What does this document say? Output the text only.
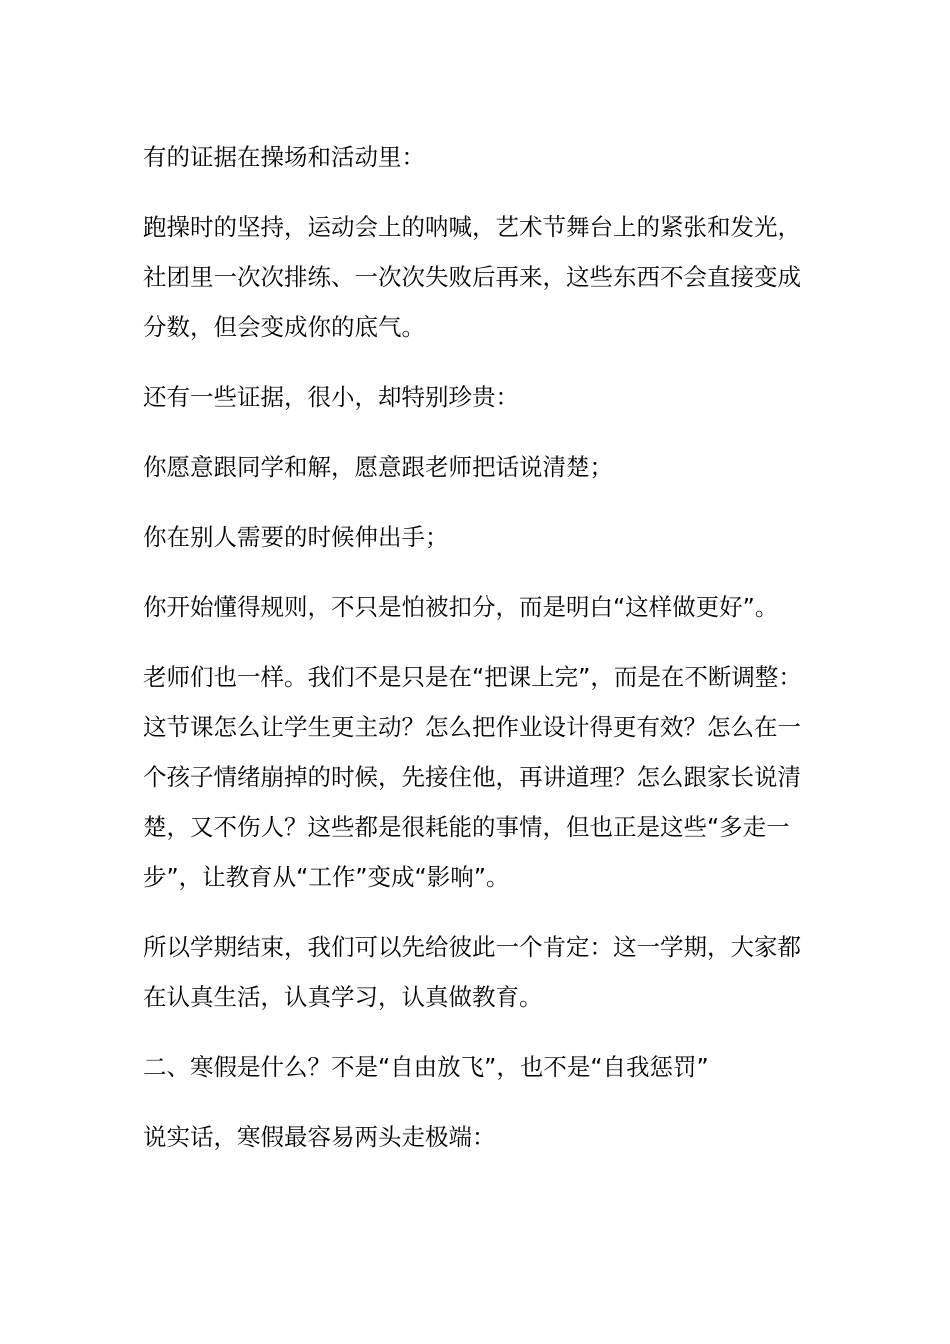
有的证据在操场和活动里：

跑操时的坚持，运动会上的呐喊，艺术节舞台上的紧张和发光，社团里一次次排练、一次次失败后再来，这些东西不会直接变成分数，但会变成你的底气。

还有一些证据，很小，却特别珍贵：

你愿意跟同学和解，愿意跟老师把话说清楚；

你在别人需要的时候伸出手；

你开始懂得规则，不只是怕被扣分，而是明白“这样做更好”。

老师们也一样。我们不是只是在“把课上完”，而是在不断调整：这节课怎么让学生更主动？怎么把作业设计得更有效？怎么在一个孩子情绪崩掉的时候，先接住他，再讲道理？怎么跟家长说清楚，又不伤人？这些都是很耗能的事情，但也正是这些“多走一步”，让教育从“工作”变成“影响”。

所以学期结束，我们可以先给彼此一个肯定：这一学期，大家都在认真生活，认真学习，认真做教育。

二、寒假是什么？不是“自由放飞”，也不是“自我惩罚”

说实话，寒假最容易两头走极端：
